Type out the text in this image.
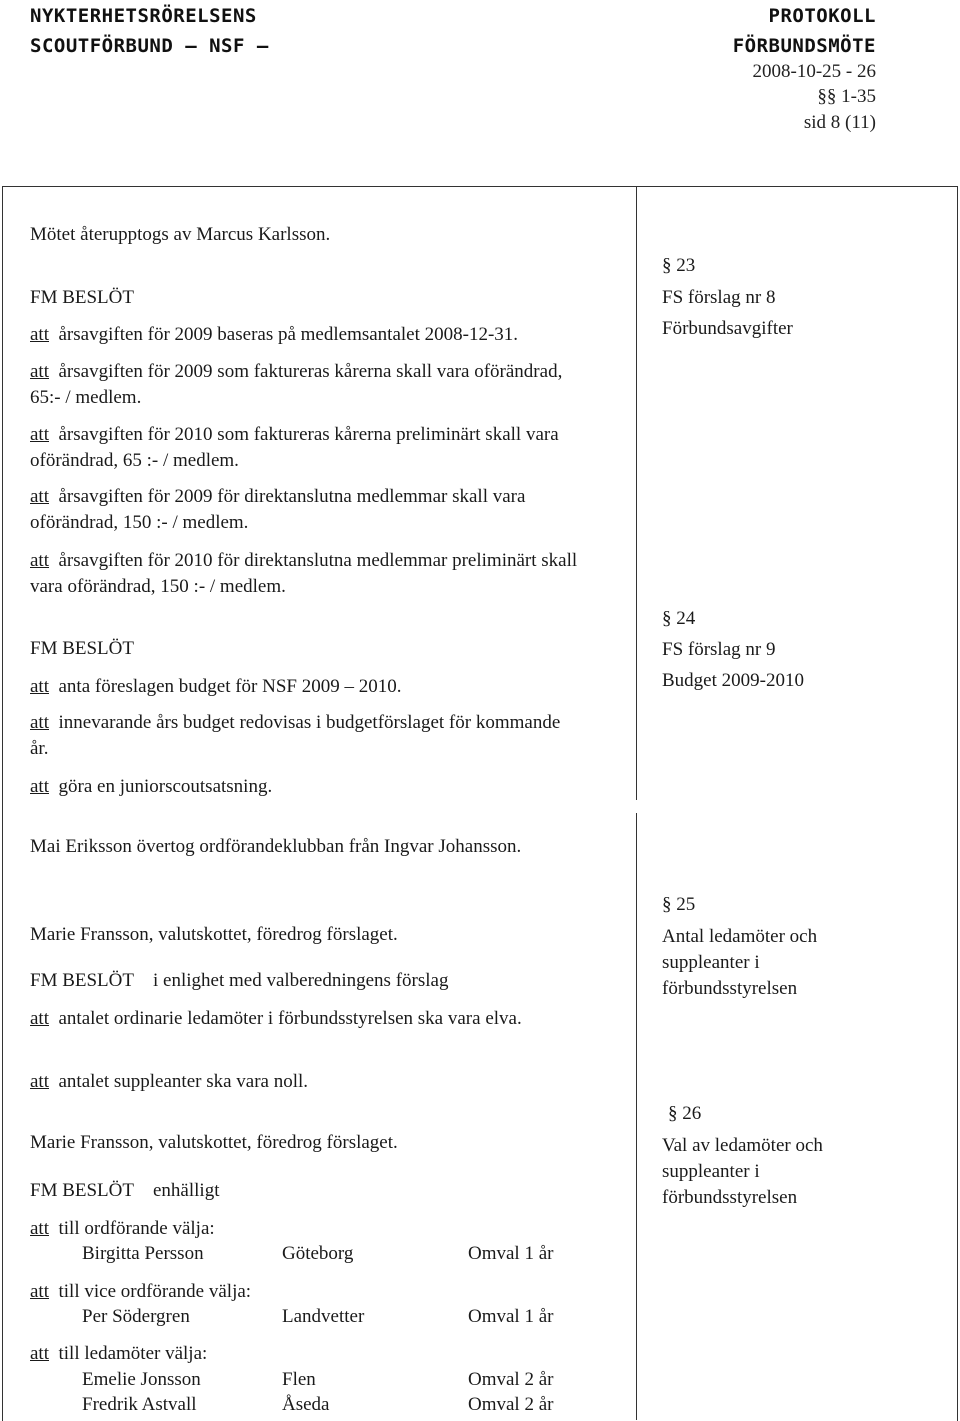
NYKTERHETSRÖRELSENS
SCOUTFÖRBUND – NSF –
PROTOKOLL
FÖRBUNDSMÖTE
2008-10-25 - 26
§§ 1-35
sid 8 (11)
Mötet återupptogs av Marcus Karlsson.
FM BESLÖT
att årsavgiften för 2009 baseras på medlemsantalet 2008-12-31.
att årsavgiften för 2009 som faktureras kårerna skall vara oförändrad, 65:- / medlem.
att årsavgiften för 2010 som faktureras kårerna preliminärt skall vara oförändrad, 65 :- / medlem.
att årsavgiften för 2009 för direktanslutna medlemmar skall vara oförändrad, 150 :- / medlem.
att årsavgiften för 2010 för direktanslutna medlemmar preliminärt skall vara oförändrad, 150 :- / medlem.
FM BESLÖT
att anta föreslagen budget för NSF 2009 – 2010.
att innevarande års budget redovisas i budgetförslaget för kommande år.
att göra en juniorscoutsatsning.
Mai Eriksson övertog ordförandeklubban från Ingvar Johansson.
Marie Fransson, valutskottet, föredrog förslaget.
FM BESLÖT i enlighet med valberedningens förslag
att antalet ordinarie ledamöter i förbundsstyrelsen ska vara elva.
att antalet suppleanter ska vara noll.
Marie Fransson, valutskottet, föredrog förslaget.
FM BESLÖT enhälligt
att till ordförande välja:
Birgitta Persson	Göteborg	Omval 1 år
att till vice ordförande välja:
Per Södergren	Landvetter	Omval 1 år
att till ledamöter välja:
Emelie Jonsson	Flen	Omval 2 år
Fredrik Astvall	Åseda	Omval 2 år
§ 23
FS förslag nr 8
Förbundsavgifter
§ 24
FS förslag nr 9
Budget 2009-2010
§ 25
Antal ledamöter och
suppleanter i
förbundsstyrelsen
§ 26
Val av ledamöter och
suppleanter i
förbundsstyrelsen
